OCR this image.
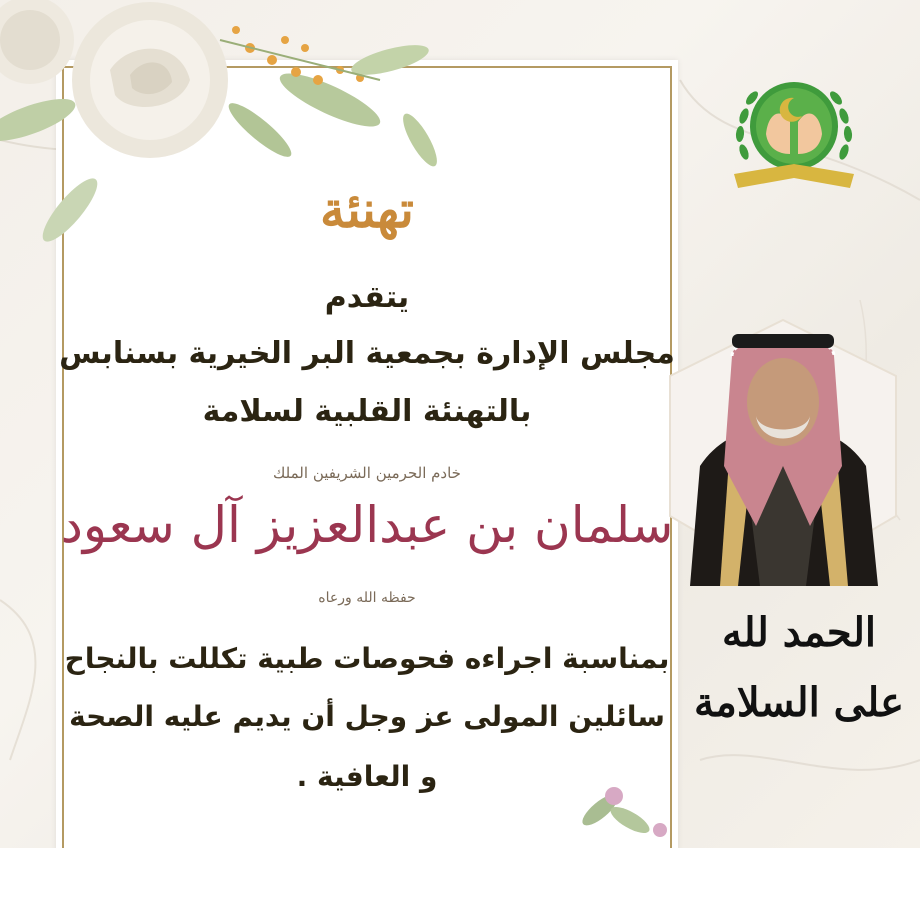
تهنئة
يتقدم
مجلس الإدارة بجمعية البر الخيرية بسنابس
بالتهنئة القلبية لسلامة
خادم الحرمين الشريفين الملك
سلمان بن عبدالعزيز آل سعود
حفظه الله ورعاه
بمناسبة اجراءه فحوصات طبية تكللت بالنجاح
سائلين المولى عز وجل أن يديم عليه الصحة
و العافية .
الحمد لله
على السلامة
